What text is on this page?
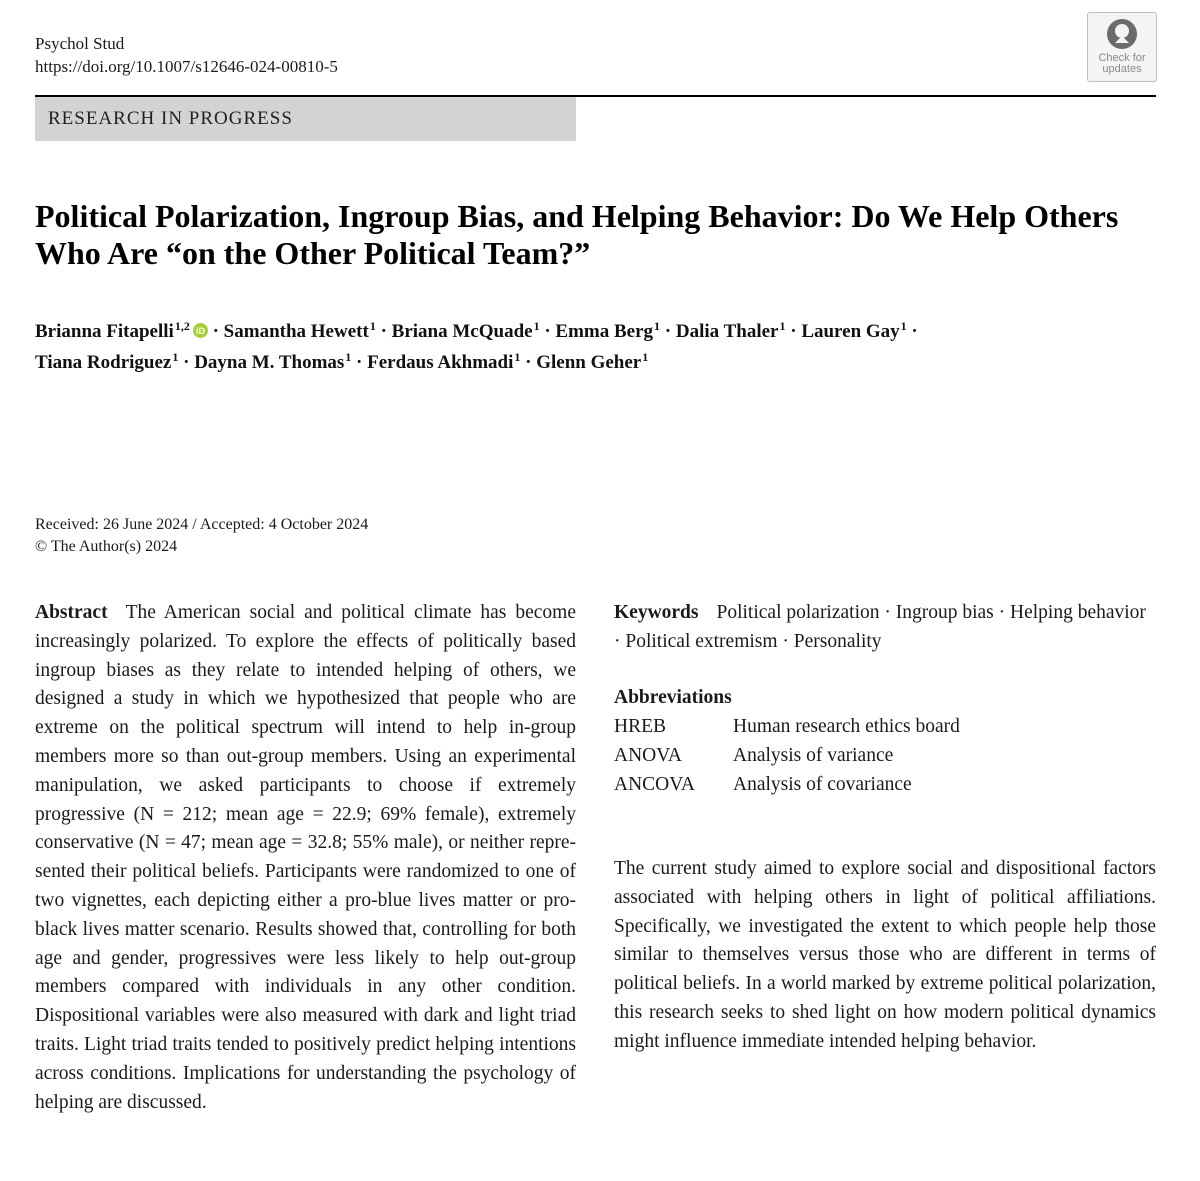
Psychol Stud
https://doi.org/10.1007/s12646-024-00810-5	Check for
updates
RESEARCH IN PROGRESS
Political Polarization, Ingroup Bias, and Helping Behavior: Do We Help Others Who Are “on the Other Political Team?”
Brianna Fitapelli$^{1,2}$ iD · Samantha Hewett$^1$ · Briana McQuade$^1$ · Emma Berg$^1$ · Dalia Thaler$^1$ · Lauren Gay$^1$ ·
Tiana Rodriguez$^1$ · Dayna M. Thomas$^1$ · Ferdaus Akhmadi$^1$ · Glenn Geher$^1$
Received: 26 June 2024 / Accepted: 4 October 2024
© The Author(s) 2024
Abstract The American social and political climate has become increasingly polarized. To explore the effects of politically based ingroup biases as they relate to intended helping of others, we designed a study in which we hypothesized that people who are extreme on the political spectrum will intend to help in-group members more so than out-group members. Using an experimental manipulation, we asked participants to choose if extremely progressive (N = 212; mean age = 22.9; 69% female), extremely conservative (N = 47; mean age = 32.8; 55% male), or neither represented their political beliefs. Participants were randomized to one of two vignettes, each depicting either a pro-blue lives matter or pro-black lives matter scenario. Results showed that, controlling for both age and gender, progressives were less likely to help out-group members compared with individuals in any other condition. Dispositional variables were also measured with dark and light triad traits. Light triad traits tended to positively predict helping intentions across conditions. Implications for understanding the psychology of helping are discussed.
Keywords Political polarization · Ingroup bias · Helping behavior · Political extremism · Personality
Abbreviations
HREB	Human research ethics board
ANOVA	Analysis of variance
ANCOVA	Analysis of covariance
The current study aimed to explore social and dispositional factors associated with helping others in light of political affiliations. Specifically, we investigated the extent to which people help those similar to themselves versus those who are different in terms of political beliefs. In a world marked by extreme political polarization, this research seeks to shed light on how modern political dynamics might influence immediate intended helping behavior.
